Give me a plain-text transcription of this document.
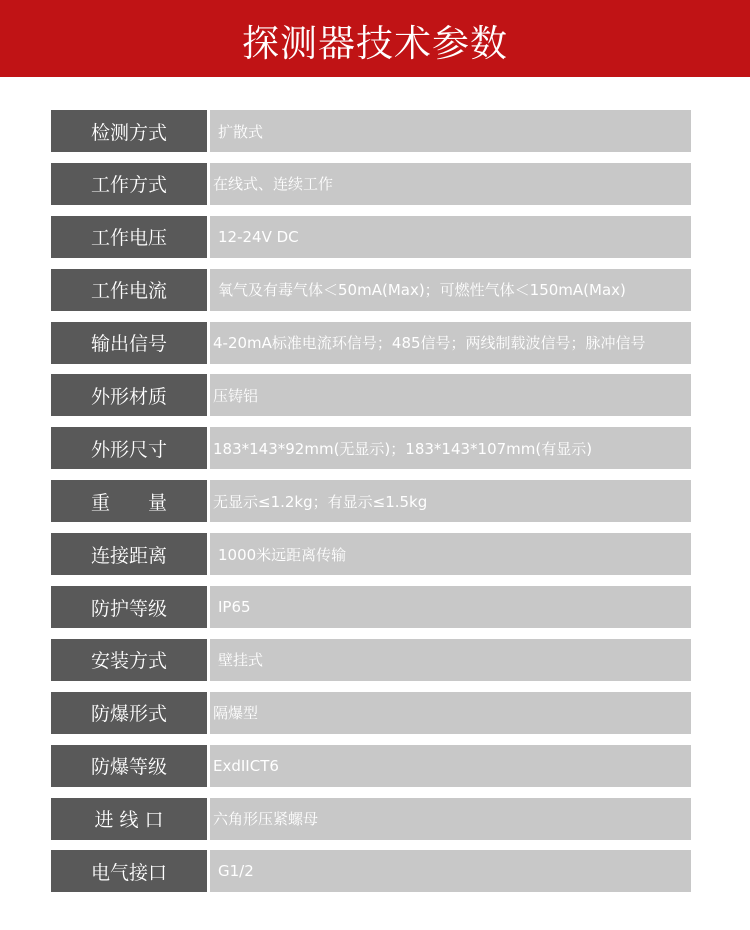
探测器技术参数
检测方式	扩散式
工作方式	在线式、连续工作
工作电压	12-24V DC
工作电流	氧气及有毒气体＜50mA(Max)；可燃性气体＜150mA(Max)
输出信号	4-20mA标准电流环信号；485信号；两线制载波信号；脉冲信号
外形材质	压铸铝
外形尺寸	183*143*92mm(无显示)；183*143*107mm(有显示)
重　　量	无显示≤1.2kg；有显示≤1.5kg
连接距离	1000米远距离传输
防护等级	IP65
安装方式	壁挂式
防爆形式	隔爆型
防爆等级	ExdIICT6
进 线 口	六角形压紧螺母
电气接口	G1/2
